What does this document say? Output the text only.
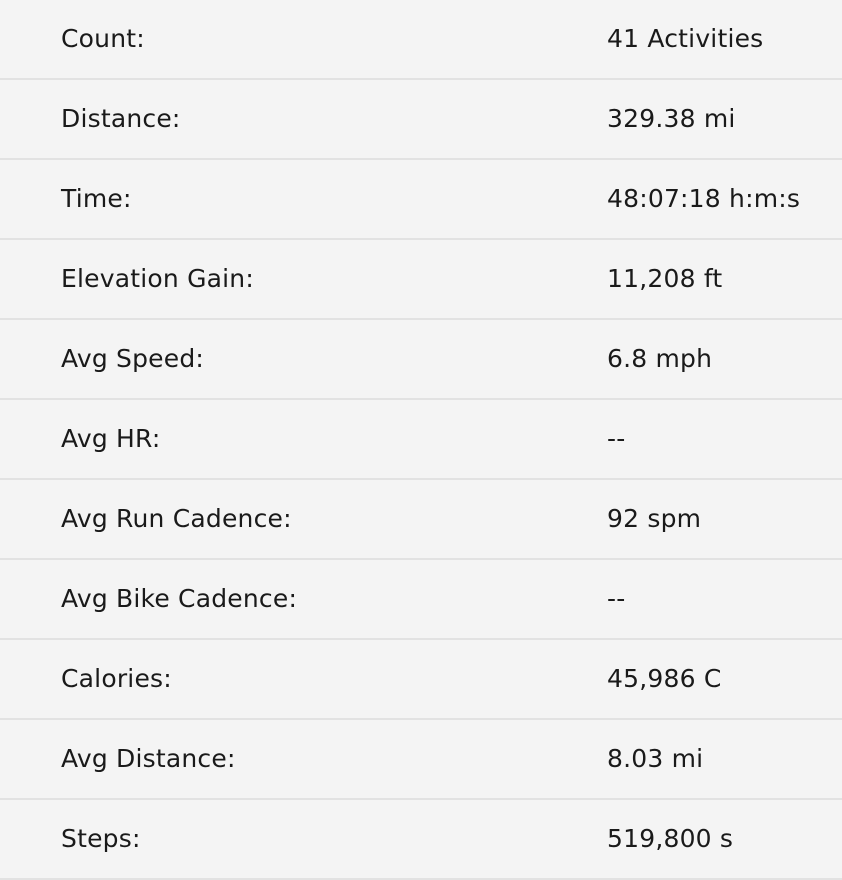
Count:	41 Activities
Distance:	329.38 mi
Time:	48:07:18 h:m:s
Elevation Gain:	11,208 ft
Avg Speed:	6.8 mph
Avg HR:	--
Avg Run Cadence:	92 spm
Avg Bike Cadence:	--
Calories:	45,986 C
Avg Distance:	8.03 mi
Steps:	519,800 s
